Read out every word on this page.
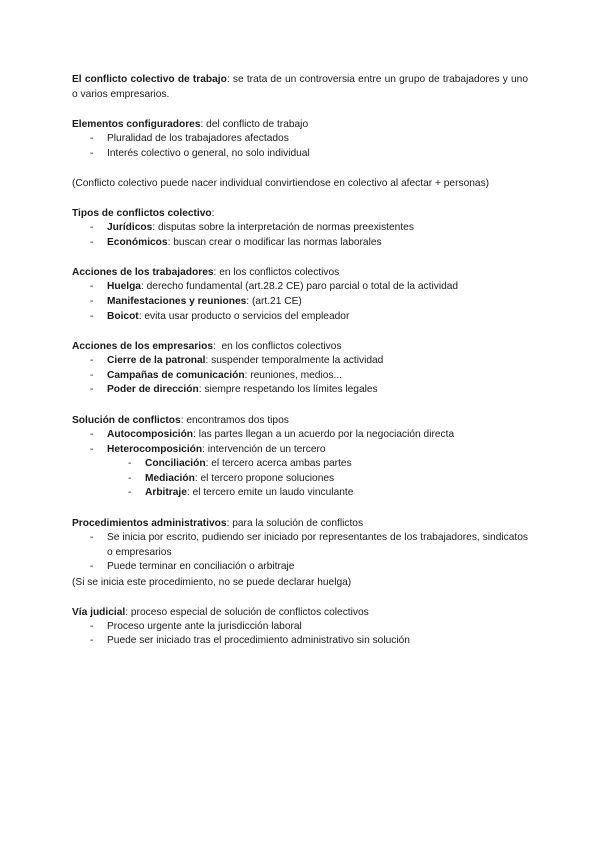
El conflicto colectivo de trabajo: se trata de un controversia entre un grupo de trabajadores y uno o varios empresarios.

Elementos configuradores: del conflicto de trabajo

-	Pluralidad de los trabajadores afectados
-	Interés colectivo o general, no solo individual

(Conflicto colectivo puede nacer individual convirtiendose en colectivo al afectar + personas)

Tipos de conflictos colectivo:

-	Jurídicos: disputas sobre la interpretación de normas preexistentes
-	Económicos: buscan crear o modificar las normas laborales

Acciones de los trabajadores: en los conflictos colectivos

-	Huelga: derecho fundamental (art.28.2 CE) paro parcial o total de la actividad
-	Manifestaciones y reuniones: (art.21 CE)
-	Boicot: evita usar producto o servicios del empleador

Acciones de los empresarios:  en los conflictos colectivos

-	Cierre de la patronal: suspender temporalmente la actividad
-	Campañas de comunicación: reuniones, medios...
-	Poder de dirección: siempre respetando los límites legales

Solución de conflictos: encontramos dos tipos

-	Autocomposición: las partes llegan a un acuerdo por la negociación directa
-	Heterocomposición: intervención de un tercero
-	Conciliación: el tercero acerca ambas partes
-	Mediación: el tercero propone soluciones
-	Arbitraje: el tercero emite un laudo vinculante

Procedimientos administrativos: para la solución de conflictos

-	Se inicia por escrito, pudiendo ser iniciado por representantes de los trabajadores, sindicatos o empresarios
-	Puede terminar en conciliación o arbitraje

(Si se inicia este procedimiento, no se puede declarar huelga)

Vía judicial: proceso especial de solución de conflictos colectivos

-	Proceso urgente ante la jurisdicción laboral
-	Puede ser iniciado tras el procedimiento administrativo sin solución
